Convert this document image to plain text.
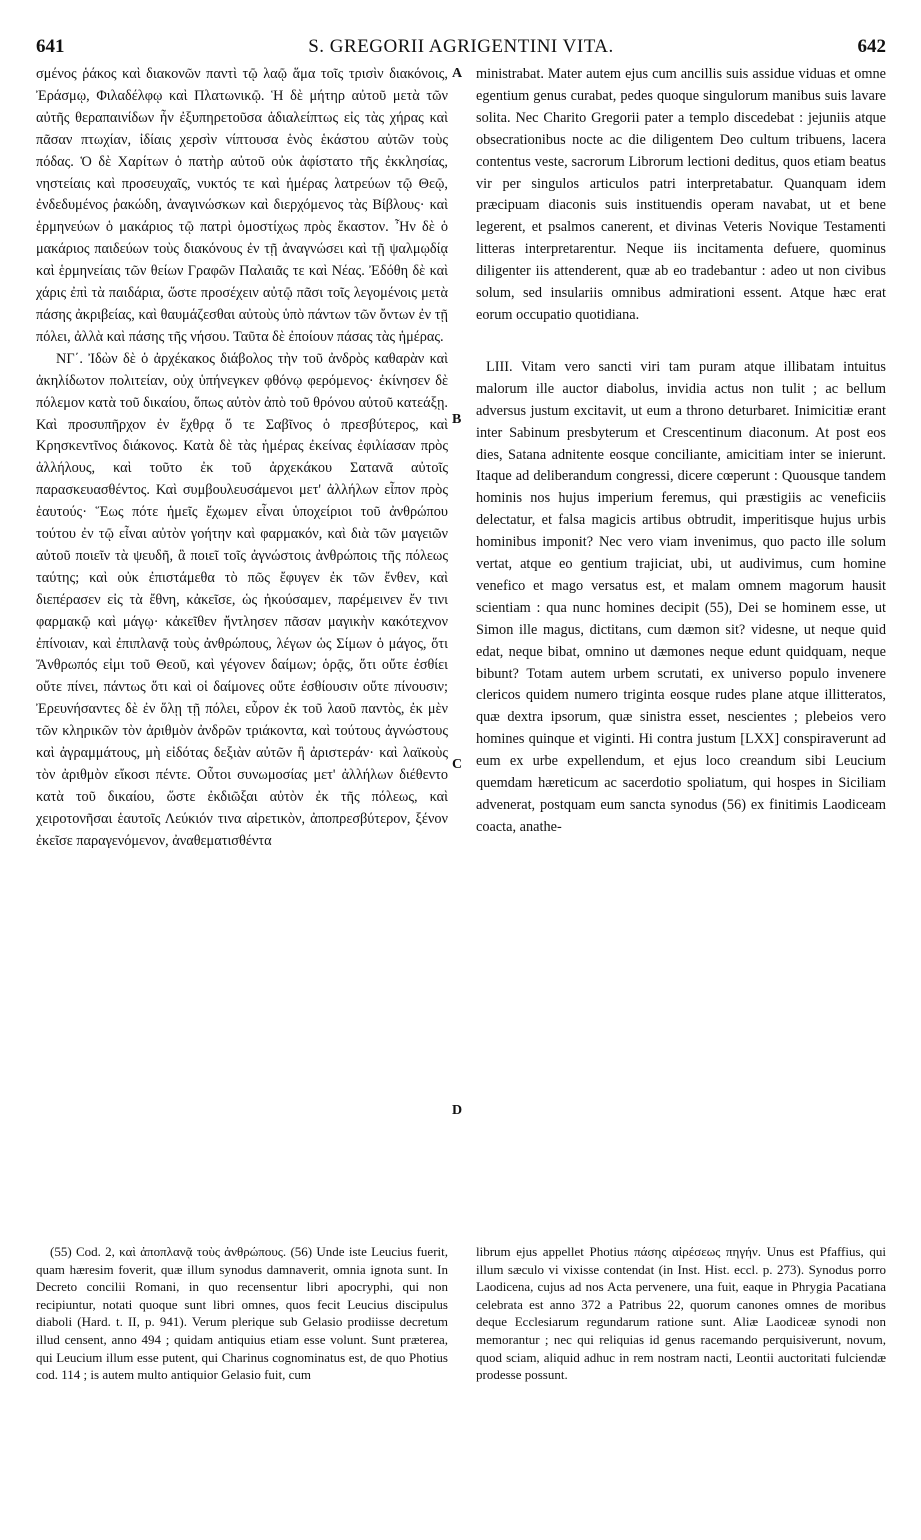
641	S. GREGORII AGRIGENTINI VITA.	642

σμένος ῥάκος καὶ διακονῶν παντὶ τῷ λαῷ ἅμα τοῖς τρισὶν διακόνοις, Ἐράσμῳ, Φιλαδέλφῳ καὶ Πλατωνικῷ. Ἡ δὲ μήτηρ αὐτοῦ μετὰ τῶν αὐτῆς θεραπαινίδων ἦν ἐξυπηρετοῦσα ἀδιαλείπτως εἰς τὰς χήρας καὶ πᾶσαν πτωχίαν, ἰδίαις χερσὶν νίπτουσα ἑνὸς ἑκάστου αὐτῶν τοὺς πόδας. Ὁ δὲ Χαρίτων ὁ πατὴρ αὐτοῦ οὐκ ἀφίστατο τῆς ἐκκλησίας, νηστείαις καὶ προσευχαῖς, νυκτός τε καὶ ἡμέρας λατρεύων τῷ Θεῷ, ἐνδεδυμένος ῥακώδη, ἀναγινώσκων καὶ διερχόμενος τὰς Βίβλους· καὶ ἑρμηνεύων ὁ μακάριος τῷ πατρὶ ὁμοστίχως πρὸς ἕκαστον. Ἦν δὲ ὁ μακάριος παιδεύων τοὺς διακόνους ἐν τῇ ἀναγνώσει καὶ τῇ ψαλμῳδίᾳ καὶ ἑρμηνείαις τῶν θείων Γραφῶν Παλαιᾶς τε καὶ Νέας. Ἐδόθη δὲ καὶ χάρις ἐπὶ τὰ παιδάρια, ὥστε προσέχειν αὐτῷ πᾶσι τοῖς λεγομένοις μετὰ πάσης ἀκριβείας, καὶ θαυμάζεσθαι αὐτοὺς ὑπὸ πάντων τῶν ὄντων ἐν τῇ πόλει, ἀλλὰ καὶ πάσης τῆς νήσου. Ταῦτα δὲ ἐποίουν πάσας τὰς ἡμέρας.

ΝΓ΄. Ἰδὼν δὲ ὁ ἀρχέκακος διάβολος τὴν τοῦ ἀνδρὸς καθαρὰν καὶ ἀκηλίδωτον πολιτείαν, οὐχ ὑπήνεγκεν φθόνῳ φερόμενος· ἐκίνησεν δὲ πόλεμον κατὰ τοῦ δικαίου, ὅπως αὐτὸν ἀπὸ τοῦ θρόνου αὐτοῦ κατεάξῃ. Καὶ προσυπῆρχον ἐν ἔχθρᾳ ὅ τε Σαβῖνος ὁ πρεσβύτερος, καὶ Κρησκεντῖνος διάκονος. Κατὰ δὲ τὰς ἡμέρας ἐκείνας ἐφιλίασαν πρὸς ἀλλήλους, καὶ τοῦτο ἐκ τοῦ ἀρχεκάκου Σατανᾶ αὐτοῖς παρασκευασθέντος. Καὶ συμβουλευσάμενοι μετ' ἀλλήλων εἶπον πρὸς ἑαυτούς· Ἕως πότε ἡμεῖς ἔχωμεν εἶναι ὑποχείριοι τοῦ ἀνθρώπου τούτου ἐν τῷ εἶναι αὐτὸν γοήτην καὶ φαρμακόν, καὶ διὰ τῶν μαγειῶν αὐτοῦ ποιεῖν τὰ ψευδῆ, ἃ ποιεῖ τοῖς ἀγνώστοις ἀνθρώποις τῆς πόλεως ταύτης; καὶ οὐκ ἐπιστάμεθα τὸ πῶς ἔφυγεν ἐκ τῶν ἔνθεν, καὶ διεπέρασεν εἰς τὰ ἔθνη, κἀκεῖσε, ὡς ἠκούσαμεν, παρέμεινεν ἔν τινι φαρμακῷ καὶ μάγῳ· κἀκεῖθεν ἤντλησεν πᾶσαν μαγικὴν κακότεχνον ἐπίνοιαν, καὶ ἐπιπλανᾷ τοὺς ἀνθρώπους, λέγων ὡς Σίμων ὁ μάγος, ὅτι Ἄνθρωπός εἰμι τοῦ Θεοῦ, καὶ γέγονεν δαίμων; ὁρᾷς, ὅτι οὔτε ἐσθίει οὔτε πίνει, πάντως ὅτι καὶ οἱ δαίμονες οὔτε ἐσθίουσιν οὔτε πίνουσιν; Ἐρευνήσαντες δὲ ἐν ὅλῃ τῇ πόλει, εὗρον ἐκ τοῦ λαοῦ παντὸς, ἐκ μὲν τῶν κληρικῶν τὸν ἀριθμὸν ἀνδρῶν τριάκοντα, καὶ τούτους ἀγνώστους καὶ ἀγραμμάτους, μὴ εἰδότας δεξιὰν αὐτῶν ἢ ἀριστεράν· καὶ λαϊκοὺς τὸν ἀριθμὸν εἴκοσι πέντε. Οὗτοι συνωμοσίας μετ' ἀλλήλων διέθεντο κατὰ τοῦ δικαίου, ὥστε ἐκδιῶξαι αὐτὸν ἐκ τῆς πόλεως, καὶ χειροτονῆσαι ἑαυτοῖς Λεύκιόν τινα αἱρετικὸν, ἀποπρεσβύτερον, ξένον ἐκεῖσε παραγενόμενον, ἀναθεματισθέντα

A
B
C
D

ministrabat. Mater autem ejus cum ancillis suis assidue viduas et omne egentium genus curabat, pedes quoque singulorum manibus suis lavare solita. Nec Charito Gregorii pater a templo discedebat : jejuniis atque obsecrationibus nocte ac die diligentem Deo cultum tribuens, lacera contentus veste, sacrorum Librorum lectioni deditus, quos etiam beatus vir per singulos articulos patri interpretabatur. Quanquam idem præcipuam diaconis suis instituendis operam navabat, ut et bene legerent, et psalmos canerent, et divinas Veteris Novique Testamenti litteras interpretarentur. Neque iis incitamenta defuere, quominus diligenter iis attenderent, quæ ab eo tradebantur : adeo ut non civibus solum, sed insulariis omnibus admirationi essent. Atque hæc erat eorum occupatio quotidiana.

LIII. Vitam vero sancti viri tam puram atque illibatam intuitus malorum ille auctor diabolus, invidia actus non tulit ; ac bellum adversus justum excitavit, ut eum a throno deturbaret. Inimicitiæ erant inter Sabinum presbyterum et Crescentinum diaconum. At post eos dies, Satana adnitente eosque conciliante, amicitiam inter se inierunt. Itaque ad deliberandum congressi, dicere cœperunt : Quousque tandem hominis nos hujus imperium feremus, qui præstigiis ac veneficiis delectatur, et falsa magicis artibus obtrudit, imperitisque hujus urbis hominibus imponit? Nec vero viam invenimus, quo pacto ille solum vertat, atque eo gentium trajiciat, ubi, ut audivimus, cum homine venefico et mago versatus est, et malam omnem magorum hausit scientiam : qua nunc homines decipit (55), Dei se hominem esse, ut Simon ille magus, dictitans, cum dæmon sit? videsne, ut neque quid edat, neque bibat, omnino ut dæmones neque edunt quidquam, neque bibunt? Totam autem urbem scrutati, ex universo populo invenere clericos quidem numero triginta eosque rudes plane atque illitteratos, quæ dextra ipsorum, quæ sinistra esset, nescientes ; plebeios vero homines quinque et viginti. Hi contra justum [LXX] conspiraverunt ad eum ex urbe expellendum, et ejus loco creandum sibi Leucium quemdam hæreticum ac sacerdotio spoliatum, qui hospes in Siciliam advenerat, postquam eum sancta synodus (56) ex finitimis Laodiceam coacta, anathe-

(55) Cod. 2, καὶ ἀποπλανᾷ τοὺς ἀνθρώπους. (56) Unde iste Leucius fuerit, quam hæresim foverit, quæ illum synodus damnaverit, omnia ignota sunt. In Decreto concilii Romani, in quo recensentur libri apocryphi, qui non recipiuntur, notati quoque sunt libri omnes, quos fecit Leucius discipulus diaboli (Hard. t. II, p. 941). Verum plerique sub Gelasio prodiisse decretum illud censent, anno 494 ; quidam antiquius etiam esse volunt. Sunt præterea, qui Leucium illum esse putent, qui Charinus cognominatus est, de quo Photius cod. 114 ; is autem multo antiquior Gelasio fuit, cum

librum ejus appellet Photius πάσης αἱρέσεως πηγήν. Unus est Pfaffius, qui illum sæculo vi vixisse contendat (in Inst. Hist. eccl. p. 273). Synodus porro Laodicena, cujus ad nos Acta pervenere, una fuit, eaque in Phrygia Pacatiana celebrata est anno 372 a Patribus 22, quorum canones omnes de moribus deque Ecclesiarum regundarum ratione sunt. Aliæ Laodiceæ synodi non memorantur ; nec qui reliquias id genus racemando perquisiverunt, novum, quod sciam, aliquid adhuc in rem nostram nacti, Leontii auctoritati fulciendæ prodesse possunt.
